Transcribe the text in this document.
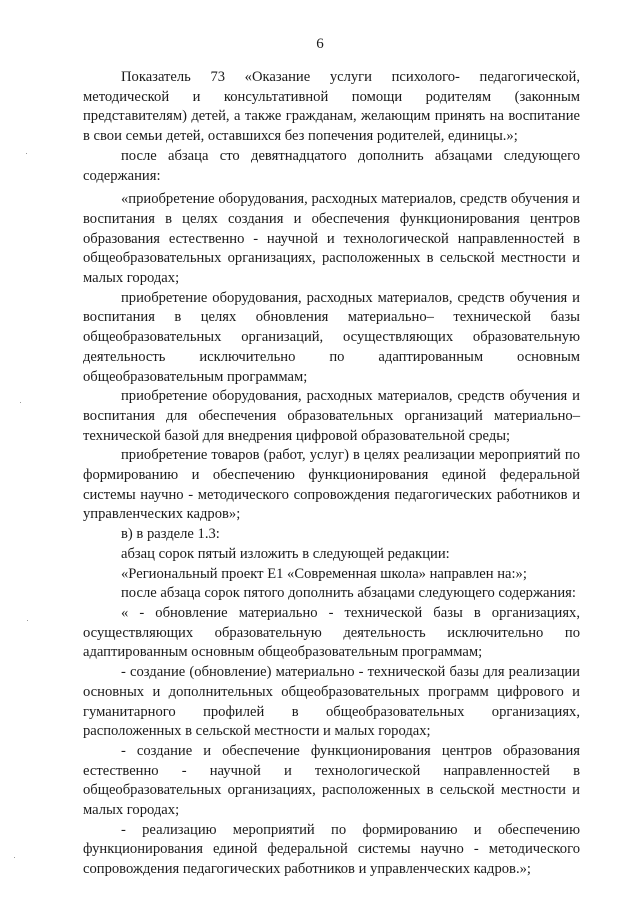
6

Показатель 73 «Оказание услуги психолого- педагогической, методической и консультативной помощи родителям (законным представителям) детей, а также гражданам, желающим принять на воспитание в свои семьи детей, оставшихся без попечения родителей, единицы.»;

после абзаца сто девятнадцатого дополнить абзацами следующего содержания:

«приобретение оборудования, расходных материалов, средств обучения и воспитания в целях создания и обеспечения функционирования центров образования естественно - научной и технологической направленностей в общеобразовательных организациях, расположенных в сельской местности и малых городах;

приобретение оборудования, расходных материалов, средств обучения и воспитания в целях обновления материально– технической базы общеобразовательных организаций, осуществляющих образовательную деятельность исключительно по адаптированным основным общеобразовательным программам;

приобретение оборудования, расходных материалов, средств обучения и воспитания для обеспечения образовательных организаций материально– технической базой для внедрения цифровой образовательной среды;

приобретение товаров (работ, услуг) в целях реализации мероприятий по формированию и обеспечению функционирования единой федеральной системы научно - методического сопровождения педагогических работников и управленческих кадров»;

в) в разделе 1.3:

абзац сорок пятый изложить в следующей редакции:

«Региональный проект Е1 «Современная школа» направлен на:»;

после абзаца сорок пятого дополнить абзацами следующего содержания:

« - обновление материально - технической базы в организациях, осуществляющих образовательную деятельность исключительно по адаптированным основным общеобразовательным программам;

- создание (обновление) материально - технической базы для реализации основных и дополнительных общеобразовательных программ цифрового и гуманитарного профилей в общеобразовательных организациях, расположенных в сельской местности и малых городах;

- создание и обеспечение функционирования центров образования естественно - научной и технологической направленностей в общеобразовательных организациях, расположенных в сельской местности и малых городах;

- реализацию мероприятий по формированию и обеспечению функционирования единой федеральной системы научно - методического сопровождения педагогических работников и управленческих кадров.»;
